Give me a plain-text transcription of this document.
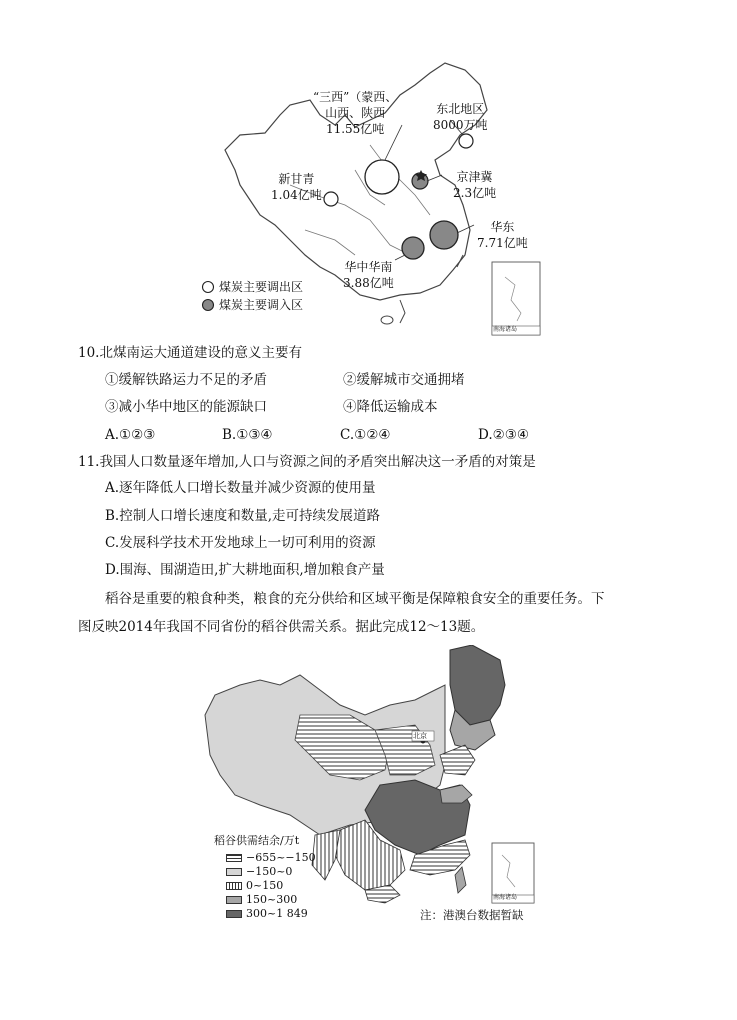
“三西”（蒙西、
山西、陕西
11.55亿吨
东北地区
8000万吨
新甘青
1.04亿吨
京津冀
2.3亿吨
华东
7.71亿吨
华中华南
3.88亿吨
煤炭主要调出区
煤炭主要调入区
南海诸岛
10.北煤南运大通道建设的意义主要有
①缓解铁路运力不足的矛盾	②缓解城市交通拥堵
③减小华中地区的能源缺口	④降低运输成本
A.①②③	B.①③④	C.①②④	D.②③④
11.我国人口数量逐年增加,人口与资源之间的矛盾突出解决这一矛盾的对策是
A.逐年降低人口增长数量并减少资源的使用量
B.控制人口增长速度和数量,走可持续发展道路
C.发展科学技术开发地球上一切可利用的资源
D.围海、围湖造田,扩大耕地面积,增加粮食产量
稻谷是重要的粮食种类，粮食的充分供给和区域平衡是保障粮食安全的重要任务。下
图反映2014年我国不同省份的稻谷供需关系。据此完成12～13题。
北京
稻谷供需结余/万t
−655~−150
−150~0
0~150
150~300
300~1 849	注：港澳台数据暂缺
南海诸岛
